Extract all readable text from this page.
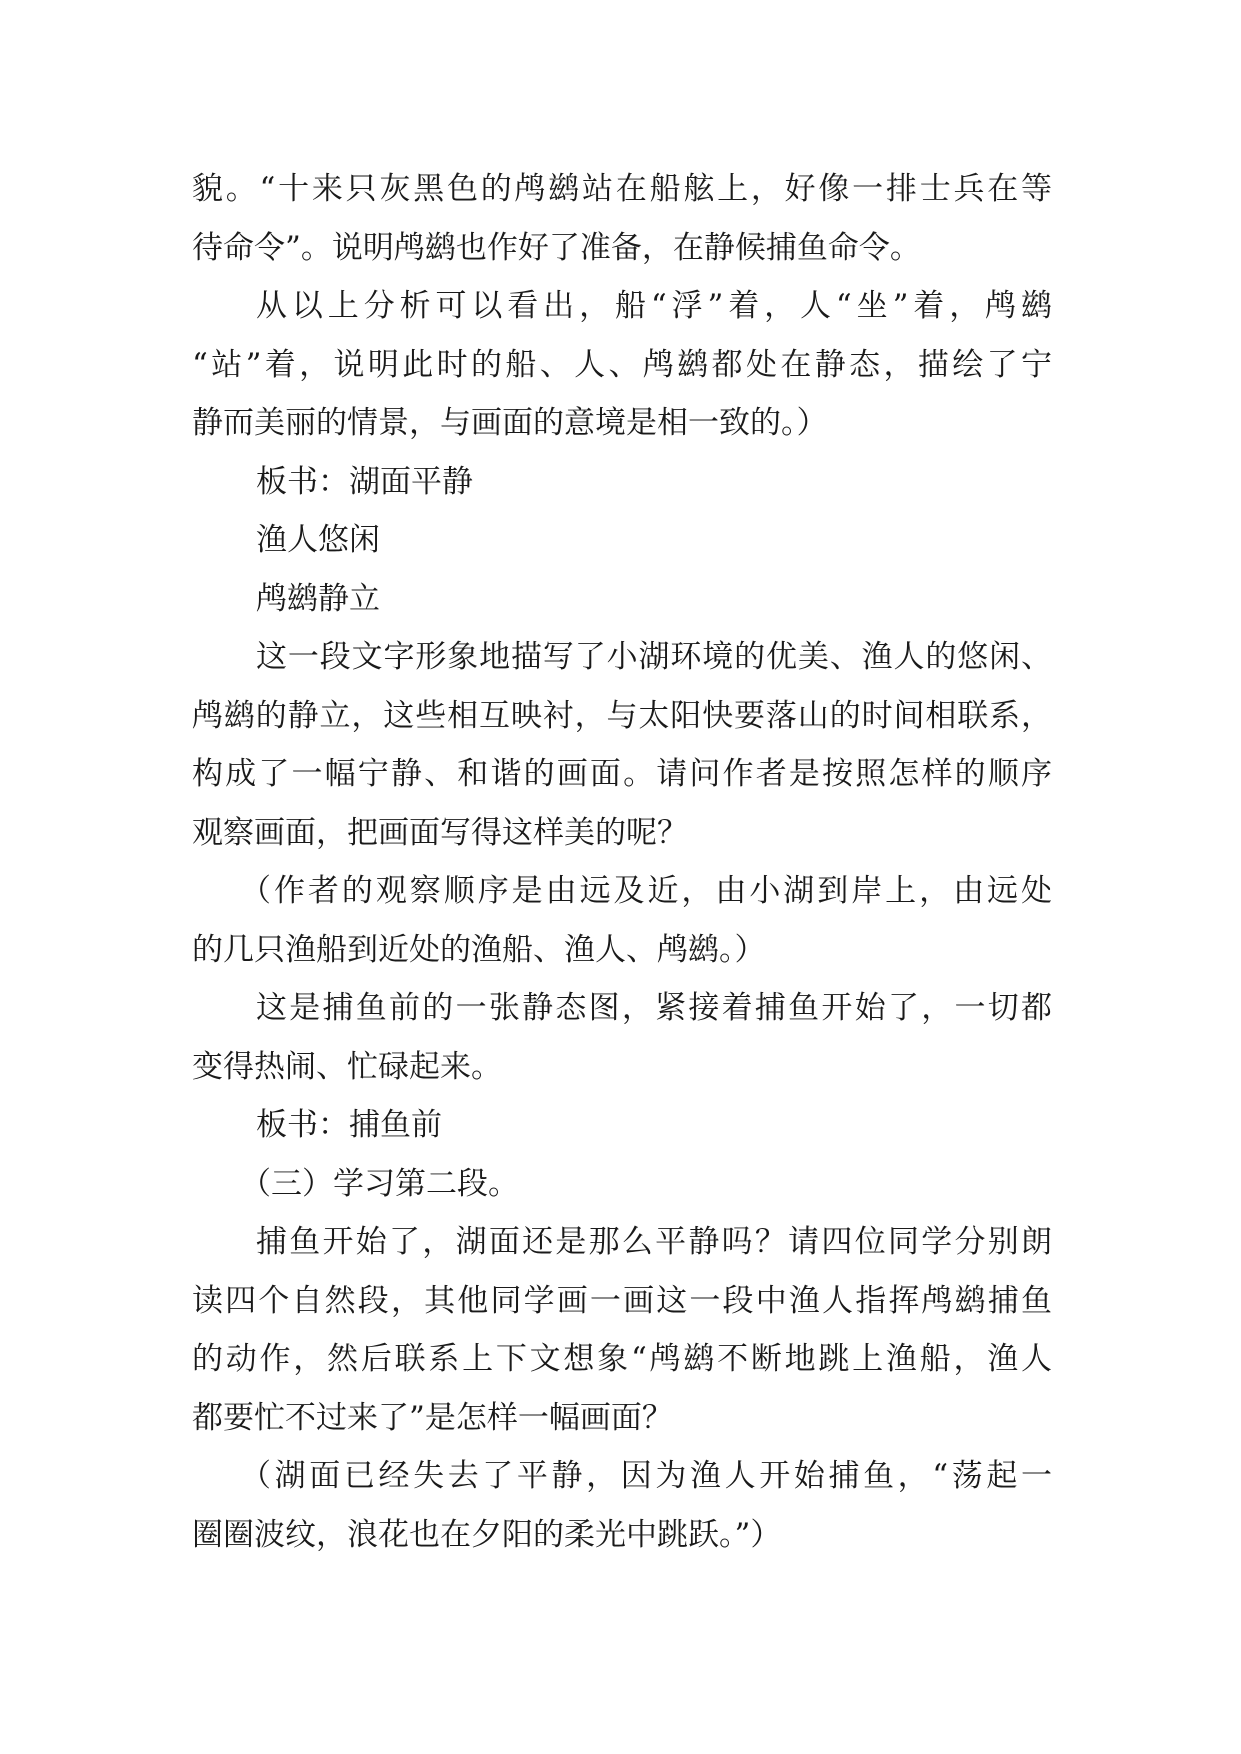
貌。“十来只灰黑色的鸬鹚站在船舷上，好像一排士兵在等
待命令”。说明鸬鹚也作好了准备，在静候捕鱼命令。
从以上分析可以看出，船“浮”着，人“坐”着，鸬鹚
“站”着，说明此时的船、人、鸬鹚都处在静态，描绘了宁
静而美丽的情景，与画面的意境是相一致的。）
板书：湖面平静
渔人悠闲
鸬鹚静立
这一段文字形象地描写了小湖环境的优美、渔人的悠闲、
鸬鹚的静立，这些相互映衬，与太阳快要落山的时间相联系，
构成了一幅宁静、和谐的画面。请问作者是按照怎样的顺序
观察画面，把画面写得这样美的呢？
（作者的观察顺序是由远及近，由小湖到岸上，由远处
的几只渔船到近处的渔船、渔人、鸬鹚。）
这是捕鱼前的一张静态图，紧接着捕鱼开始了，一切都
变得热闹、忙碌起来。
板书：捕鱼前
（三）学习第二段。
捕鱼开始了，湖面还是那么平静吗？请四位同学分别朗
读四个自然段，其他同学画一画这一段中渔人指挥鸬鹚捕鱼
的动作，然后联系上下文想象“鸬鹚不断地跳上渔船，渔人
都要忙不过来了”是怎样一幅画面？
（湖面已经失去了平静，因为渔人开始捕鱼，“荡起一
圈圈波纹，浪花也在夕阳的柔光中跳跃。”）
